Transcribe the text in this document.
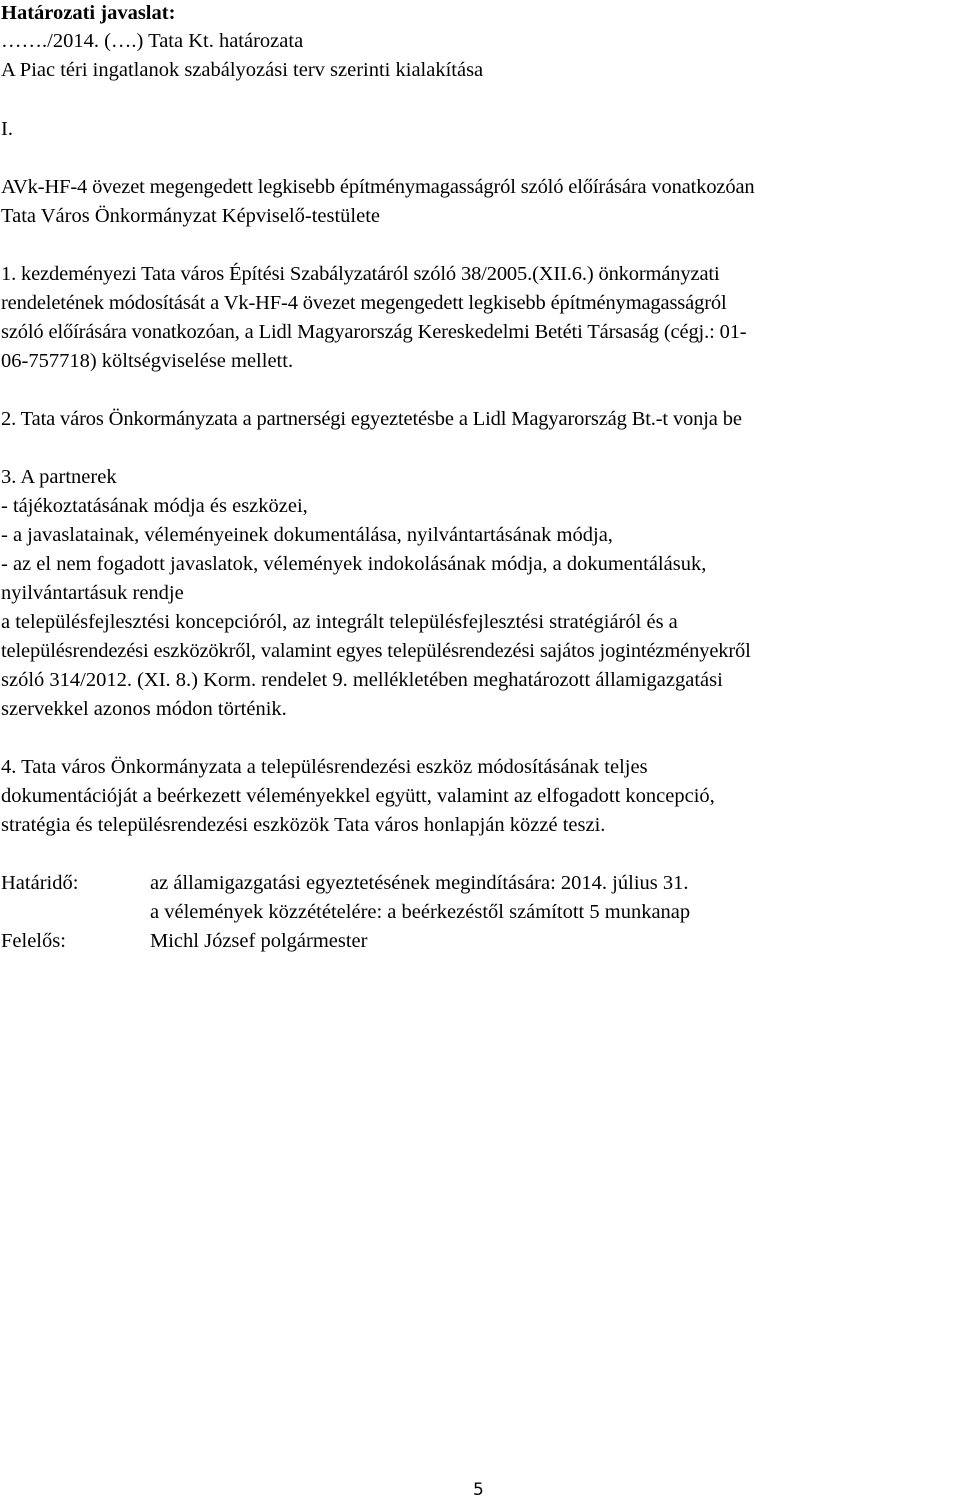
Határozati javaslat:
……./2014. (….) Tata Kt. határozata
A Piac téri ingatlanok szabályozási terv szerinti kialakítása
I.
AVk-HF-4 övezet megengedett legkisebb építménymagasságról szóló előírására vonatkozóan
Tata Város Önkormányzat Képviselő-testülete
1. kezdeményezi Tata város Építési Szabályzatáról szóló 38/2005.(XII.6.) önkormányzati
rendeletének módosítását a Vk-HF-4 övezet megengedett legkisebb építménymagasságról
szóló előírására vonatkozóan, a Lidl Magyarország Kereskedelmi Betéti Társaság (cégj.: 01-
06-757718) költségviselése mellett.
2. Tata város Önkormányzata a partnerségi egyeztetésbe a Lidl Magyarország Bt.-t vonja be
3. A partnerek
- tájékoztatásának módja és eszközei,
- a javaslatainak, véleményeinek dokumentálása, nyilvántartásának módja,
- az el nem fogadott javaslatok, vélemények indokolásának módja, a dokumentálásuk,
nyilvántartásuk rendje
a településfejlesztési koncepcióról, az integrált településfejlesztési stratégiáról és a
településrendezési eszközökről, valamint egyes településrendezési sajátos jogintézményekről
szóló 314/2012. (XI. 8.) Korm. rendelet 9. mellékletében meghatározott államigazgatási
szervekkel azonos módon történik.
4. Tata város Önkormányzata a településrendezési eszköz módosításának teljes
dokumentációját a beérkezett véleményekkel együtt, valamint az elfogadott koncepció,
stratégia és településrendezési eszközök Tata város honlapján közzé teszi.
Határidő:	az államigazgatási egyeztetésének megindítására: 2014. július 31.
a vélemények közzétételére: a beérkezéstől számított 5 munkanap
Felelős:	Michl József polgármester
5
